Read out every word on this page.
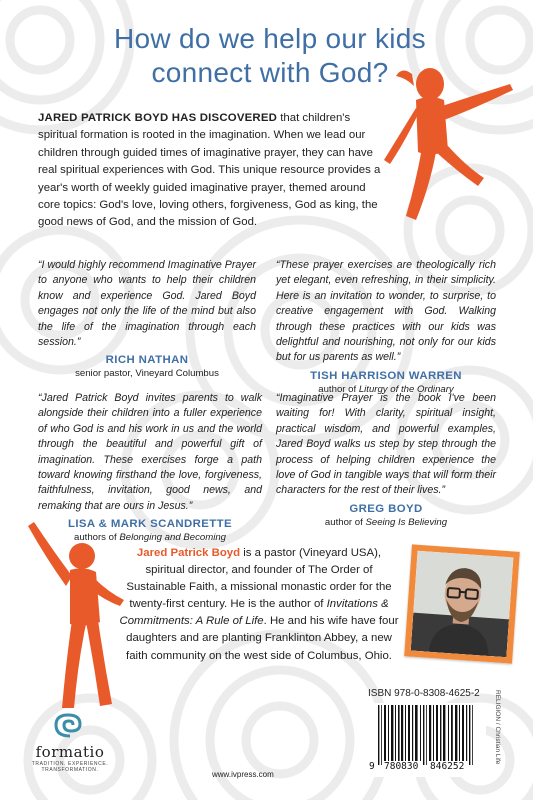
How do we help our kids
connect with God?

JARED PATRICK BOYD HAS DISCOVERED that children's spiritual formation is rooted in the imagination. When we lead our children through guided times of imaginative prayer, they can have real spiritual experiences with God. This unique resource provides a year's worth of weekly guided imaginative prayer, themed around core topics: God's love, loving others, forgiveness, God as king, the good news of God, and the mission of God.

“I would highly recommend Imaginative Prayer to anyone who wants to help their children know and experience God. Jared Boyd engages not only the life of the mind but also the life of the imagination through each session.”

RICH NATHAN
senior pastor, Vineyard Columbus

“These prayer exercises are theologically rich yet elegant, even refreshing, in their simplicity. Here is an invitation to wonder, to surprise, to creative engagement with God. Walking through these practices with our kids was delightful and nourishing, not only for our kids but for us parents as well.”

TISH HARRISON WARREN
author of Liturgy of the Ordinary

“Jared Patrick Boyd invites parents to walk alongside their children into a fuller experience of who God is and his work in us and the world through the beautiful and powerful gift of imagination. These exercises forge a path toward knowing firsthand the love, forgiveness, faithfulness, invitation, good news, and remaking that are ours in Jesus.”

LISA & MARK SCANDRETTE
authors of Belonging and Becoming

“Imaginative Prayer is the book I've been waiting for! With clarity, spiritual insight, practical wisdom, and powerful examples, Jared Boyd walks us step by step through the process of helping children experience the love of God in tangible ways that will form their characters for the rest of their lives.”

GREG BOYD
author of Seeing Is Believing

Jared Patrick Boyd is a pastor (Vineyard USA), spiritual director, and founder of The Order of Sustainable Faith, a missional monastic order for the twenty-first century. He is the author of Invitations & Commitments: A Rule of Life. He and his wife have four daughters and are planting Franklinton Abbey, a new faith community on the west side of Columbus, Ohio.

ISBN 978-0-8308-4625-2
9 780830 846252
RELIGION / Christian Life
formatio
TRADITION. EXPERIENCE.
TRANSFORMATION.	www.ivpress.com
